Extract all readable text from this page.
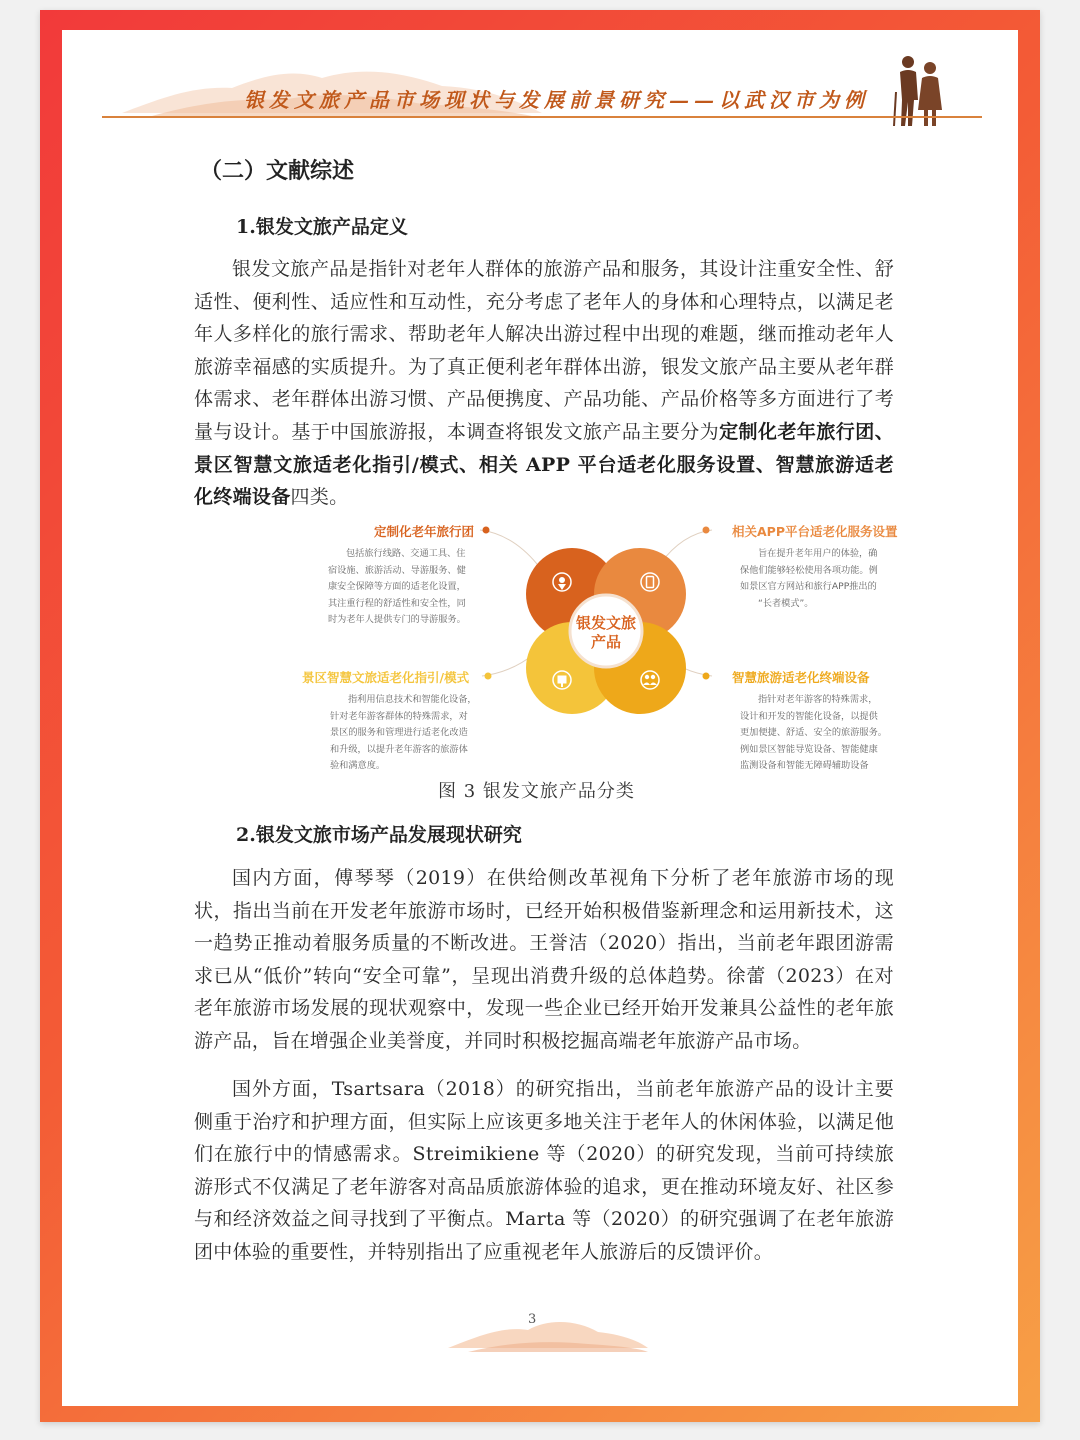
银发文旅产品市场现状与发展前景研究——以武汉市为例
（二）文献综述
1.银发文旅产品定义
银发文旅产品是指针对老年人群体的旅游产品和服务，其设计注重安全性、舒适性、便利性、适应性和互动性，充分考虑了老年人的身体和心理特点，以满足老年人多样化的旅行需求、帮助老年人解决出游过程中出现的难题，继而推动老年人旅游幸福感的实质提升。为了真正便利老年群体出游，银发文旅产品主要从老年群体需求、老年群体出游习惯、产品便携度、产品功能、产品价格等多方面进行了考量与设计。基于中国旅游报，本调查将银发文旅产品主要分为定制化老年旅行团、景区智慧文旅适老化指引/模式、相关 APP 平台适老化服务设置、智慧旅游适老化终端设备四类。
银发文旅
产品
定制化老年旅行团
包括旅行线路、交通工具、住
宿设施、旅游活动、导游服务、健
康安全保障等方面的适老化设置，
其注重行程的舒适性和安全性，同
时为老年人提供专门的导游服务。
相关APP平台适老化服务设置
旨在提升老年用户的体验，确
保他们能够轻松使用各项功能。例
如景区官方网站和旅行APP推出的
“长者模式”。
景区智慧文旅适老化指引/模式
指利用信息技术和智能化设备，
针对老年游客群体的特殊需求，对
景区的服务和管理进行适老化改造
和升级，以提升老年游客的旅游体
验和满意度。
智慧旅游适老化终端设备
指针对老年游客的特殊需求，
设计和开发的智能化设备，以提供
更加便捷、舒适、安全的旅游服务。
例如景区智能导览设备、智能健康
监测设备和智能无障碍辅助设备
图 3 银发文旅产品分类
2.银发文旅市场产品发展现状研究
国内方面，傅琴琴（2019）在供给侧改革视角下分析了老年旅游市场的现状，指出当前在开发老年旅游市场时，已经开始积极借鉴新理念和运用新技术，这一趋势正推动着服务质量的不断改进。王誉洁（2020）指出，当前老年跟团游需求已从“低价”转向“安全可靠”，呈现出消费升级的总体趋势。徐蕾（2023）在对老年旅游市场发展的现状观察中，发现一些企业已经开始开发兼具公益性的老年旅游产品，旨在增强企业美誉度，并同时积极挖掘高端老年旅游产品市场。
国外方面，Tsartsara（2018）的研究指出，当前老年旅游产品的设计主要侧重于治疗和护理方面，但实际上应该更多地关注于老年人的休闲体验，以满足他们在旅行中的情感需求。Streimikiene 等（2020）的研究发现，当前可持续旅游形式不仅满足了老年游客对高品质旅游体验的追求，更在推动环境友好、社区参与和经济效益之间寻找到了平衡点。Marta 等（2020）的研究强调了在老年旅游团中体验的重要性，并特别指出了应重视老年人旅游后的反馈评价。
3
